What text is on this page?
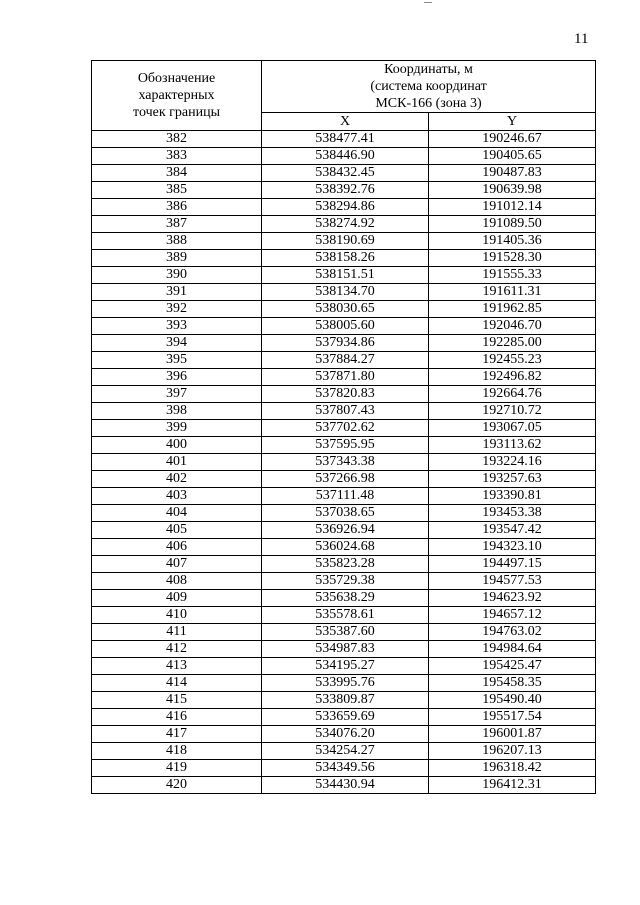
11
Обозначение
характерных
точек границы	Координаты, м
(система координат
МСК-166 (зона 3)	

	X	Y
382	538477.41	190246.67
383	538446.90	190405.65
384	538432.45	190487.83
385	538392.76	190639.98
386	538294.86	191012.14
387	538274.92	191089.50
388	538190.69	191405.36
389	538158.26	191528.30
390	538151.51	191555.33
391	538134.70	191611.31
392	538030.65	191962.85
393	538005.60	192046.70
394	537934.86	192285.00
395	537884.27	192455.23
396	537871.80	192496.82
397	537820.83	192664.76
398	537807.43	192710.72
399	537702.62	193067.05
400	537595.95	193113.62
401	537343.38	193224.16
402	537266.98	193257.63
403	537111.48	193390.81
404	537038.65	193453.38
405	536926.94	193547.42
406	536024.68	194323.10
407	535823.28	194497.15
408	535729.38	194577.53
409	535638.29	194623.92
410	535578.61	194657.12
411	535387.60	194763.02
412	534987.83	194984.64
413	534195.27	195425.47
414	533995.76	195458.35
415	533809.87	195490.40
416	533659.69	195517.54
417	534076.20	196001.87
418	534254.27	196207.13
419	534349.56	196318.42
420	534430.94	196412.31
